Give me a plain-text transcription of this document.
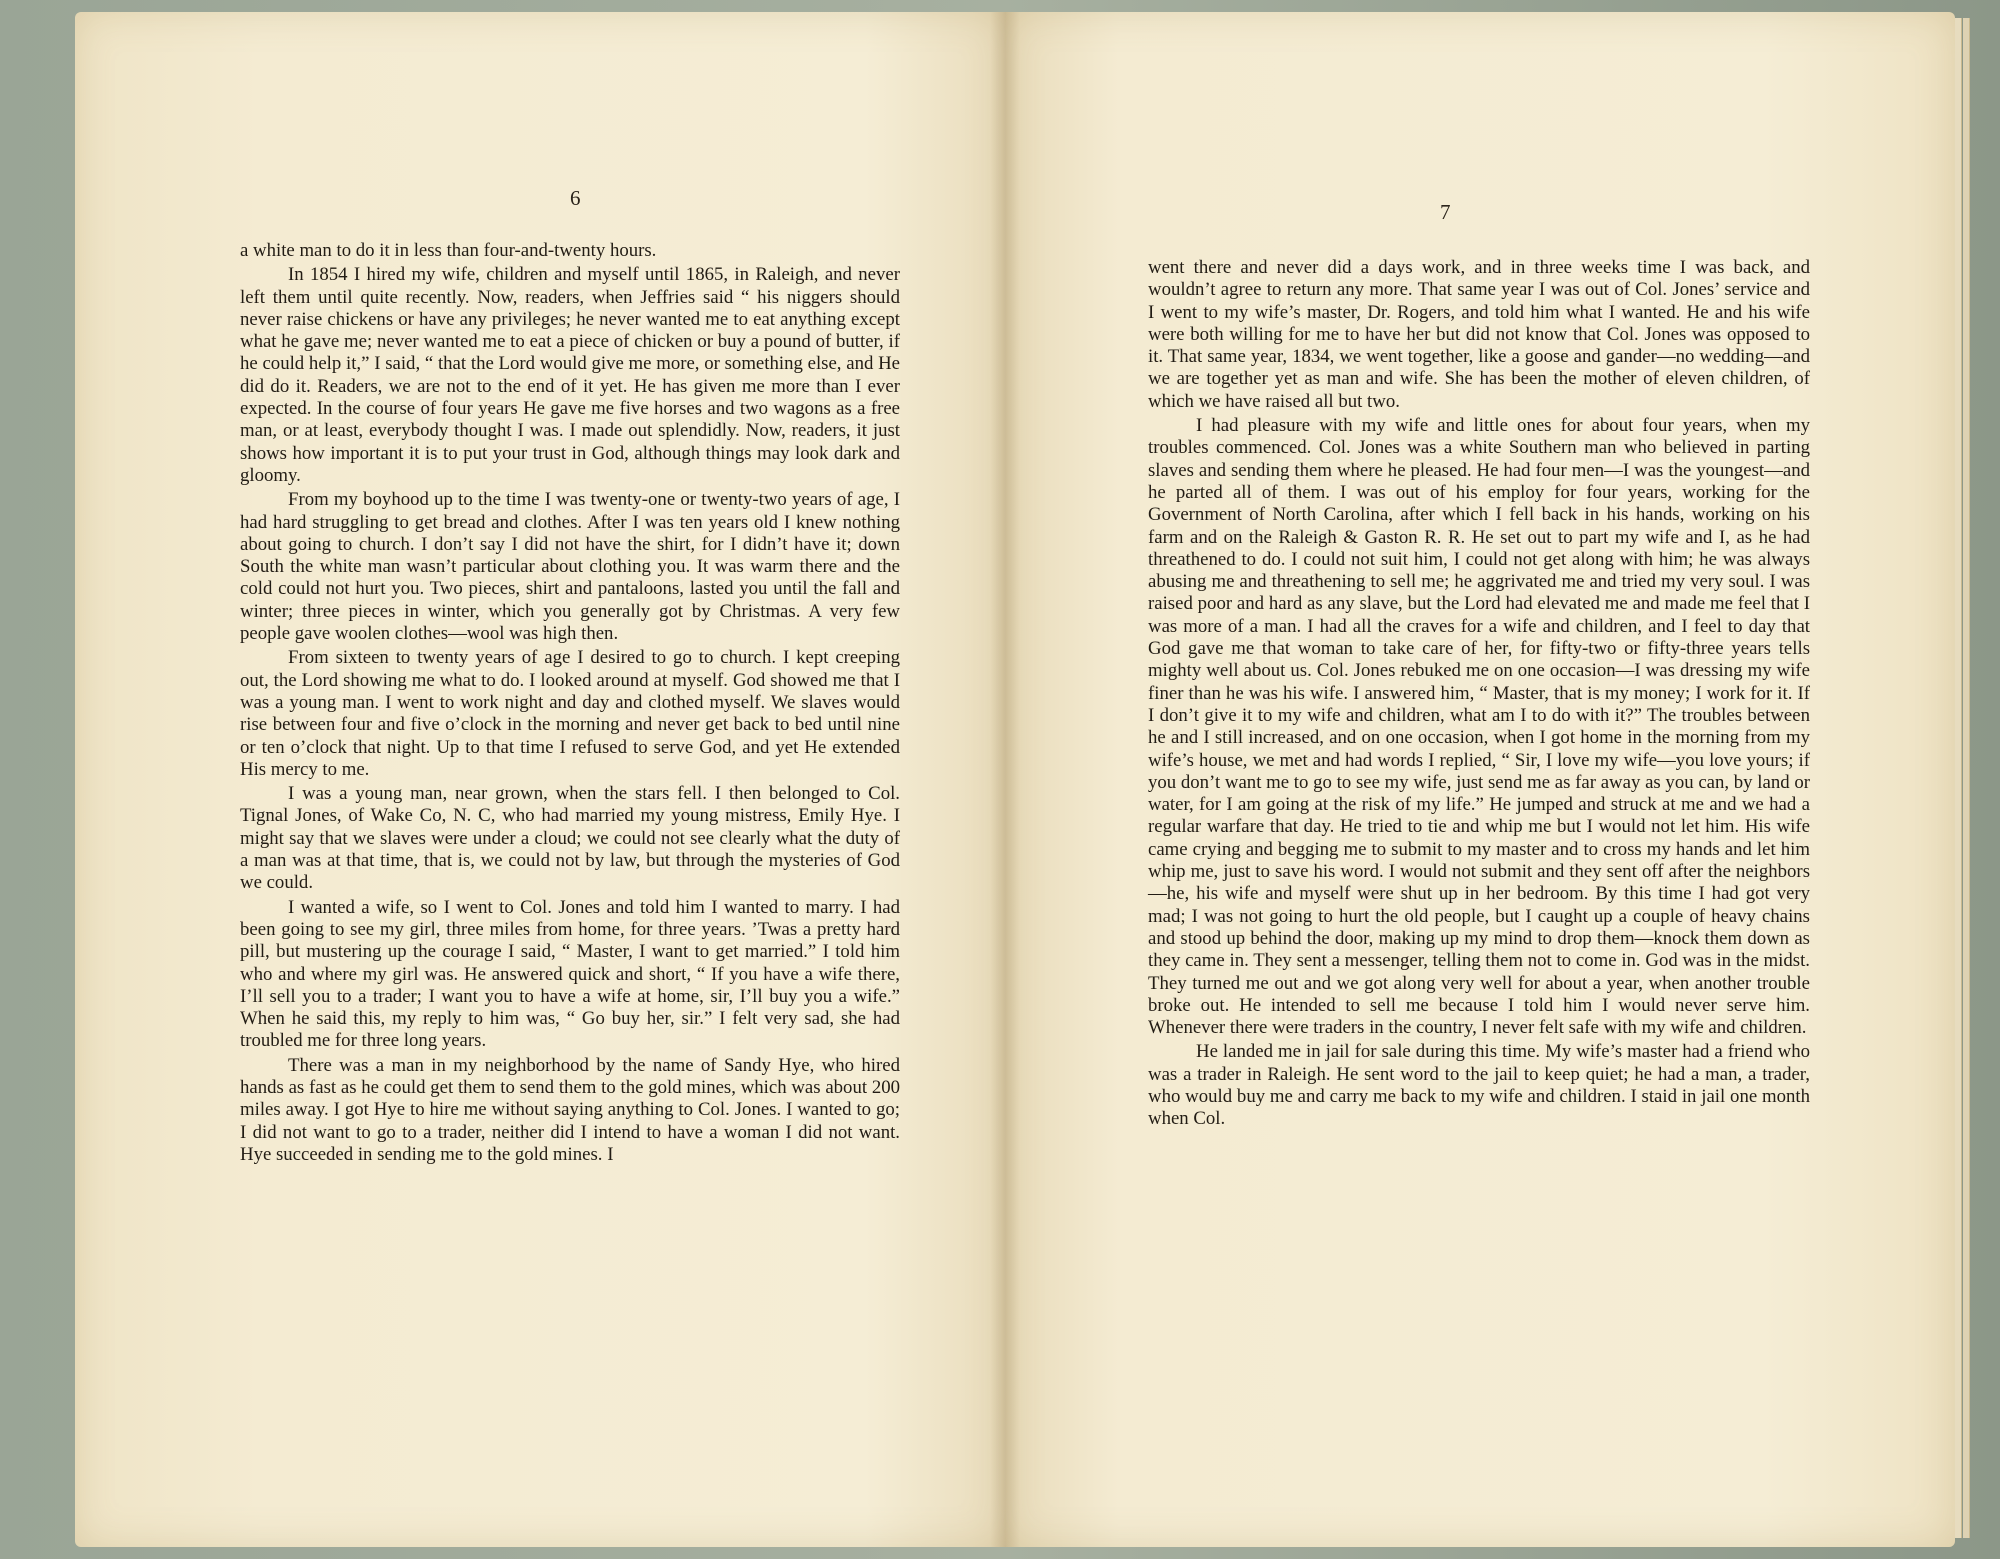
6
7

a white man to do it in less than four-and-twenty hours.

In 1854 I hired my wife, children and myself until 1865, in Raleigh, and never left them until quite recently. Now, readers, when Jeffries said “ his niggers should never raise chickens or have any privileges; he never wanted me to eat anything except what he gave me; never wanted me to eat a piece of chicken or buy a pound of butter, if he could help it,” I said, “ that the Lord would give me more, or something else, and He did do it. Readers, we are not to the end of it yet. He has given me more than I ever expected. In the course of four years He gave me five horses and two wagons as a free man, or at least, everybody thought I was. I made out splendidly. Now, readers, it just shows how important it is to put your trust in God, although things may look dark and gloomy.

From my boyhood up to the time I was twenty-one or twenty-two years of age, I had hard struggling to get bread and clothes. After I was ten years old I knew nothing about going to church. I don’t say I did not have the shirt, for I didn’t have it; down South the white man wasn’t particular about clothing you. It was warm there and the cold could not hurt you. Two pieces, shirt and pantaloons, lasted you until the fall and winter; three pieces in winter, which you generally got by Christmas. A very few people gave woolen clothes—wool was high then.

From sixteen to twenty years of age I desired to go to church. I kept creeping out, the Lord showing me what to do. I looked around at myself. God showed me that I was a young man. I went to work night and day and clothed myself. We slaves would rise between four and five o’clock in the morning and never get back to bed until nine or ten o’clock that night. Up to that time I refused to serve God, and yet He extended His mercy to me.

I was a young man, near grown, when the stars fell. I then belonged to Col. Tignal Jones, of Wake Co, N. C, who had married my young mistress, Emily Hye. I might say that we slaves were under a cloud; we could not see clearly what the duty of a man was at that time, that is, we could not by law, but through the mysteries of God we could.

I wanted a wife, so I went to Col. Jones and told him I wanted to marry. I had been going to see my girl, three miles from home, for three years. ’Twas a pretty hard pill, but mustering up the courage I said, “ Master, I want to get married.” I told him who and where my girl was. He answered quick and short, “ If you have a wife there, I’ll sell you to a trader; I want you to have a wife at home, sir, I’ll buy you a wife.” When he said this, my reply to him was, “ Go buy her, sir.” I felt very sad, she had troubled me for three long years.

There was a man in my neighborhood by the name of Sandy Hye, who hired hands as fast as he could get them to send them to the gold mines, which was about 200 miles away. I got Hye to hire me without saying anything to Col. Jones. I wanted to go; I did not want to go to a trader, neither did I intend to have a woman I did not want. Hye succeeded in sending me to the gold mines. I

went there and never did a days work, and in three weeks time I was back, and wouldn’t agree to return any more. That same year I was out of Col. Jones’ service and I went to my wife’s master, Dr. Rogers, and told him what I wanted. He and his wife were both willing for me to have her but did not know that Col. Jones was opposed to it. That same year, 1834, we went together, like a goose and gander—no wedding—and we are together yet as man and wife. She has been the mother of eleven children, of which we have raised all but two.

I had pleasure with my wife and little ones for about four years, when my troubles commenced. Col. Jones was a white Southern man who believed in parting slaves and sending them where he pleased. He had four men—I was the youngest—and he parted all of them. I was out of his employ for four years, working for the Government of North Carolina, after which I fell back in his hands, working on his farm and on the Raleigh & Gaston R. R. He set out to part my wife and I, as he had threathened to do. I could not suit him, I could not get along with him; he was always abusing me and threathening to sell me; he aggrivated me and tried my very soul. I was raised poor and hard as any slave, but the Lord had elevated me and made me feel that I was more of a man. I had all the craves for a wife and children, and I feel to day that God gave me that woman to take care of her, for fifty-two or fifty-three years tells mighty well about us. Col. Jones rebuked me on one occasion—I was dressing my wife finer than he was his wife. I answered him, “ Master, that is my money; I work for it. If I don’t give it to my wife and children, what am I to do with it?” The troubles between he and I still increased, and on one occasion, when I got home in the morning from my wife’s house, we met and had words I replied, “ Sir, I love my wife—you love yours; if you don’t want me to go to see my wife, just send me as far away as you can, by land or water, for I am going at the risk of my life.” He jumped and struck at me and we had a regular warfare that day. He tried to tie and whip me but I would not let him. His wife came crying and begging me to submit to my master and to cross my hands and let him whip me, just to save his word. I would not submit and they sent off after the neighbors—he, his wife and myself were shut up in her bedroom. By this time I had got very mad; I was not going to hurt the old people, but I caught up a couple of heavy chains and stood up behind the door, making up my mind to drop them—knock them down as they came in. They sent a messenger, telling them not to come in. God was in the midst. They turned me out and we got along very well for about a year, when another trouble broke out. He intended to sell me because I told him I would never serve him. Whenever there were traders in the country, I never felt safe with my wife and children.

He landed me in jail for sale during this time. My wife’s master had a friend who was a trader in Raleigh. He sent word to the jail to keep quiet; he had a man, a trader, who would buy me and carry me back to my wife and children. I staid in jail one month when Col.
